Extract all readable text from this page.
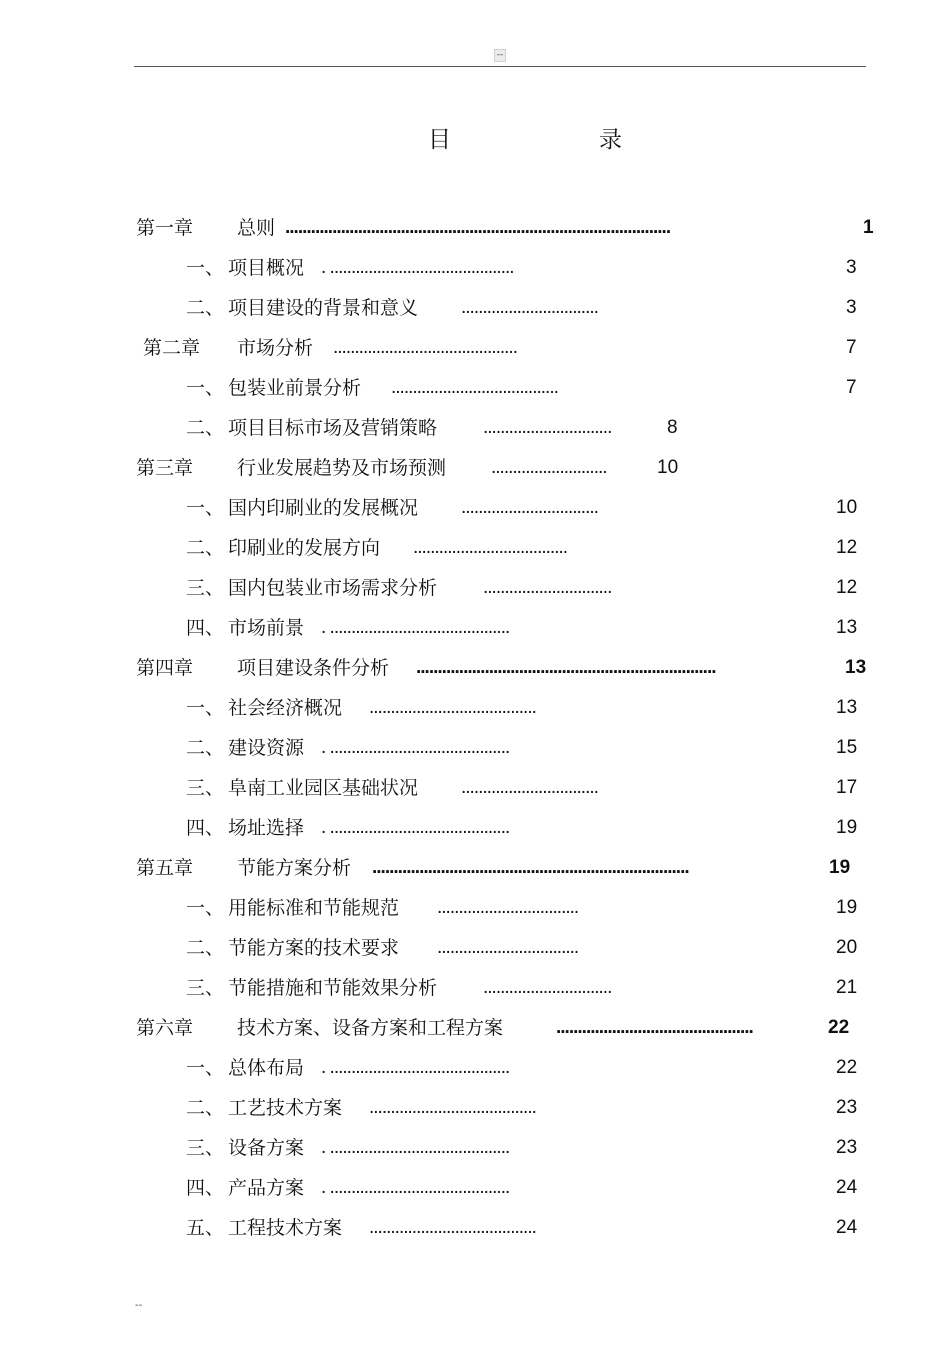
--
目	录
第一章 总则 ..........................................................................................	1
一、 项目概况 . ...........................................	3
二、 项目建设的背景和意义 ................................	3
第二章 市场分析 ...........................................	7
一、 包装业前景分析 .......................................	7
二、 项目目标市场及营销策略 ..............................	8
第三章 行业发展趋势及市场预测 ...........................	10
一、 国内印刷业的发展概况 ................................	10
二、 印刷业的发展方向 ....................................	12
三、 国内包装业市场需求分析 ..............................	12
四、 市场前景 . ..........................................	13
第四章 项目建设条件分析 ......................................................................	13
一、 社会经济概况 .......................................	13
二、 建设资源 . ..........................................	15
三、 阜南工业园区基础状况 ................................	17
四、 场址选择 . ..........................................	19
第五章 节能方案分析 ..........................................................................	19
一、 用能标准和节能规范 .................................	19
二、 节能方案的技术要求 .................................	20
三、 节能措施和节能效果分析 ..............................	21
第六章 技术方案、设备方案和工程方案	..............................................	22
一、 总体布局 . ..........................................	22
二、 工艺技术方案 .......................................	23
三、 设备方案 . ..........................................	23
四、 产品方案 . ..........................................	24
五、 工程技术方案 .......................................	24
--
